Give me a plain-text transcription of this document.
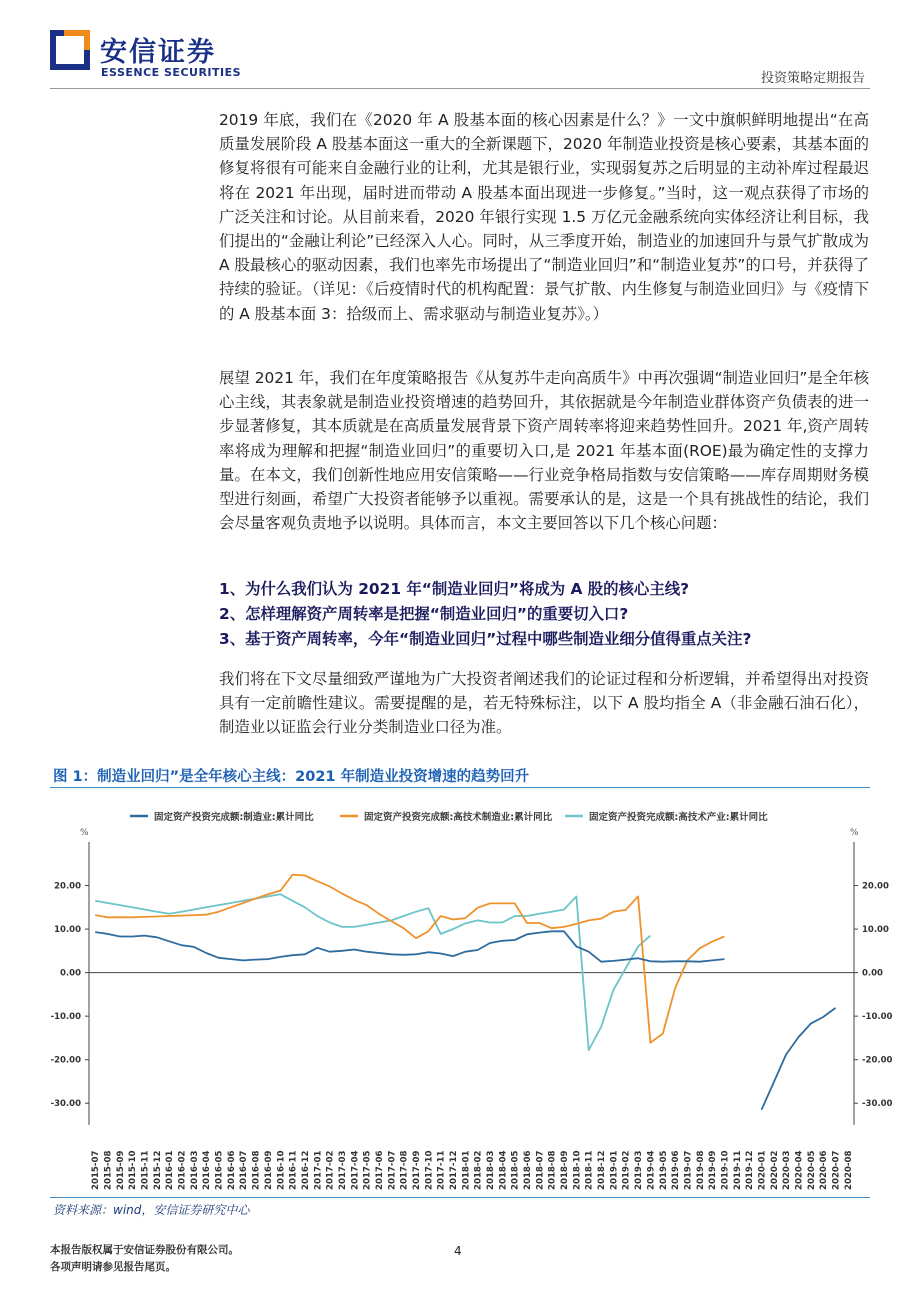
安信证券
ESSENCE SECURITIES	投资策略定期报告

2019 年底，我们在《2020 年 A 股基本面的核心因素是什么？》一文中旗帜鲜明地提出“在高质量发展阶段 A 股基本面这一重大的全新课题下，2020 年制造业投资是核心要素，其基本面的修复将很有可能来自金融行业的让利，尤其是银行业，实现弱复苏之后明显的主动补库过程最迟将在 2021 年出现，届时进而带动 A 股基本面出现进一步修复。”当时，这一观点获得了市场的广泛关注和讨论。从目前来看，2020 年银行实现 1.5 万亿元金融系统向实体经济让利目标，我们提出的“金融让利论”已经深入人心。同时，从三季度开始，制造业的加速回升与景气扩散成为 A 股最核心的驱动因素，我们也率先市场提出了“制造业回归”和“制造业复苏”的口号，并获得了持续的验证。（详见：《后疫情时代的机构配置：景气扩散、内生修复与制造业回归》与《疫情下的 A 股基本面 3：拾级而上、需求驱动与制造业复苏》。）

展望 2021 年，我们在年度策略报告《从复苏牛走向高质牛》中再次强调“制造业回归”是全年核心主线，其表象就是制造业投资增速的趋势回升，其依据就是今年制造业群体资产负债表的进一步显著修复，其本质就是在高质量发展背景下资产周转率将迎来趋势性回升。2021 年,资产周转率将成为理解和把握“制造业回归”的重要切入口,是 2021 年基本面(ROE)最为确定性的支撑力量。在本文，我们创新性地应用安信策略——行业竞争格局指数与安信策略——库存周期财务模型进行刻画，希望广大投资者能够予以重视。需要承认的是，这是一个具有挑战性的结论，我们会尽量客观负责地予以说明。具体而言，本文主要回答以下几个核心问题：

1、为什么我们认为 2021 年“制造业回归”将成为 A 股的核心主线?
2、怎样理解资产周转率是把握“制造业回归”的重要切入口?
3、基于资产周转率，今年“制造业回归”过程中哪些制造业细分值得重点关注?

我们将在下文尽量细致严谨地为广大投资者阐述我们的论证过程和分析逻辑，并希望得出对投资具有一定前瞻性建议。需要提醒的是，若无特殊标注，以下 A 股均指全 A（非金融石油石化），制造业以证监会行业分类制造业口径为准。

图 1：制造业回归”是全年核心主线：2021 年制造业投资增速的趋势回升
固定资产投资完成额:制造业:累计同比	固定资产投资完成额:高技术制造业:累计同比	固定资产投资完成额:高技术产业:累计同比
%	%
-30.00	-30.00
-20.00	-20.00
-10.00	-10.00
0.00	0.00
10.00	10.00
20.00	20.00
2015-07 2015-08 2015-09 2015-10 2015-11 2015-12 2016-01 2016-02 2016-03 2016-04 2016-05 2016-06 2016-07 2016-08 2016-09 2016-10 2016-11 2016-12 2017-01 2017-02 2017-03 2017-04 2017-05 2017-06 2017-07 2017-08 2017-09 2017-10 2017-11 2017-12 2018-01 2018-02 2018-03 2018-04 2018-05 2018-06 2018-07 2018-08 2018-09 2018-10 2018-11 2018-12 2019-01 2019-02 2019-03 2019-04 2019-05 2019-06 2019-07 2019-08 2019-09 2019-10 2019-11 2019-12 2020-01 2020-02 2020-03 2020-04 2020-05 2020-06 2020-07 2020-08
资料来源：wind，安信证券研究中心
本报告版权属于安信证券股份有限公司。
各项声明请参见报告尾页。
4
